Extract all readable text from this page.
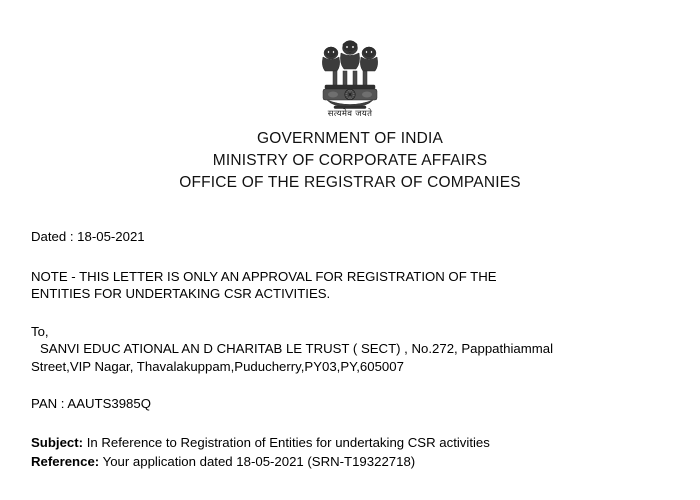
सत्यमेव जयते
GOVERNMENT OF INDIA
MINISTRY OF CORPORATE AFFAIRS
OFFICE OF THE REGISTRAR OF COMPANIES

Dated : 18-05-2021

NOTE - THIS LETTER IS ONLY AN APPROVAL FOR REGISTRATION OF THE

ENTITIES FOR UNDERTAKING CSR ACTIVITIES.

To,

SANVI EDUC ATIONAL AN D CHARITAB LE TRUST ( SECT) , No.272, Pappathiammal

Street,VIP Nagar, Thavalakuppam,Puducherry,PY03,PY,605007

PAN : AAUTS3985Q

Subject: In Reference to Registration of Entities for undertaking CSR activities
Reference: Your application dated 18-05-2021 (SRN-T19322718)
